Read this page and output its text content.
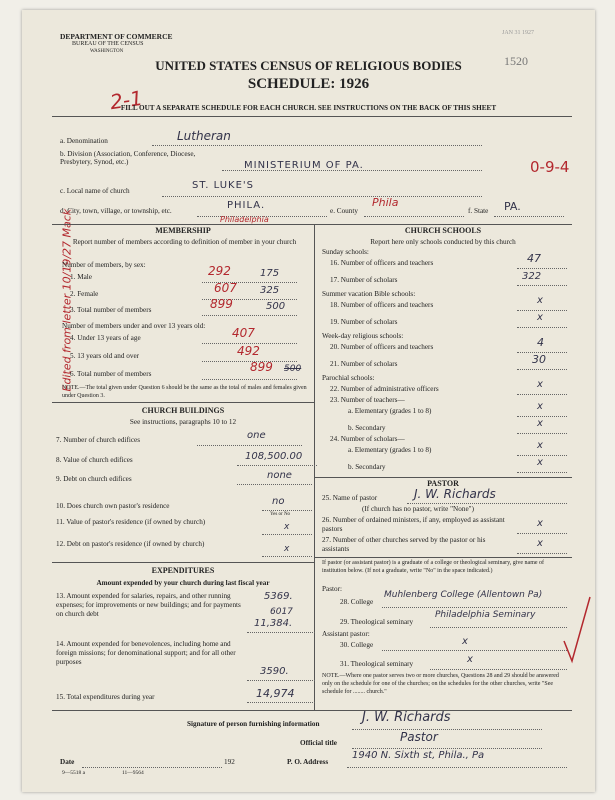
DEPARTMENT OF COMMERCE
BUREAU OF THE CENSUS
WASHINGTON
JAN 31 1927
1520
UNITED STATES CENSUS OF RELIGIOUS BODIES
SCHEDULE: 1926
2-1
FILL OUT A SEPARATE SCHEDULE FOR EACH CHURCH. SEE INSTRUCTIONS ON THE BACK OF THIS SHEET
a. Denomination	Lutheran
b. Division (Association, Conference, Diocese, Presbytery, Synod, etc.)	MINISTERIUM OF PA.	0-9-4
c. Local name of church	ST. LUKE'S
d. City, town, village, or township, etc.	PHILA.
Philadelphia
e. County
Phila
f. State PA.
Edited from letter 10/19/27 Mack	MEMBERSHIP
Report number of members according to definition of member in your church
Number of members, by sex:
1. Male	292	175
2. Female	607 325
3. Total number of members	899	500
Number of members under and over 13 years old:
4. Under 13 years of age	407
5. 13 years old and over	492
6. Total number of members	899 500
NOTE.—The total given under Question 6 should be the same as the total of males and females given under Question 3.
CHURCH BUILDINGS
See instructions, paragraphs 10 to 12
7. Number of church edifices	one
8. Value of church edifices	108,500.00
9. Debt on church edifices	none
10. Does church own pastor's residence	no
Yes or No
11. Value of pastor's residence (if owned by church)	x
12. Debt on pastor's residence (if owned by church)	x
EXPENDITURES
Amount expended by your church during last fiscal year
13. Amount expended for salaries, repairs, and other running expenses; for improvements or new buildings; and for payments on church debt
5369.
6017
11,384.
14. Amount expended for benevolences, including home and foreign missions; for denominational support; and for all other purposes
3590.
15. Total expenditures during year	14,974
CHURCH SCHOOLS
Report here only schools conducted by this church
Sunday schools:
16. Number of officers and teachers	47
17. Number of scholars	322
Summer vacation Bible schools:
18. Number of officers and teachers	x
19. Number of scholars	x
Week-day religious schools:
20. Number of officers and teachers	4
21. Number of scholars	30
Parochial schools:
22. Number of administrative officers	x
23. Number of teachers—
a. Elementary (grades 1 to 8)	x
b. Secondary	x
24. Number of scholars—
a. Elementary (grades 1 to 8)	x
b. Secondary	x
PASTOR
25. Name of pastor	J. W. Richards
(If church has no pastor, write "None")
26. Number of ordained ministers, if any, employed as assistant pastors	x
27. Number of other churches served by the pastor or his assistants	x
If pastor (or assistant pastor) is a graduate of a college or theological seminary, give name of institution below. (If not a graduate, write "No" in the space indicated.)
Pastor:
28. College
Muhlenberg College (Allentown Pa)
29. Theological seminary
Philadelphia Seminary
Assistant pastor:
30. College	x
31. Theological seminary	x
NOTE.—Where one pastor serves two or more churches, Questions 28 and 29 should be answered only on the schedule for one of the churches; on the schedules for the other churches, write "See schedule for ........ church."
Signature of person furnishing information	J. W. Richards
Official title	Pastor
Date	192	P. O. Address
1940 N. Sixth st, Phila., Pa
9—5518 a	11—9564
